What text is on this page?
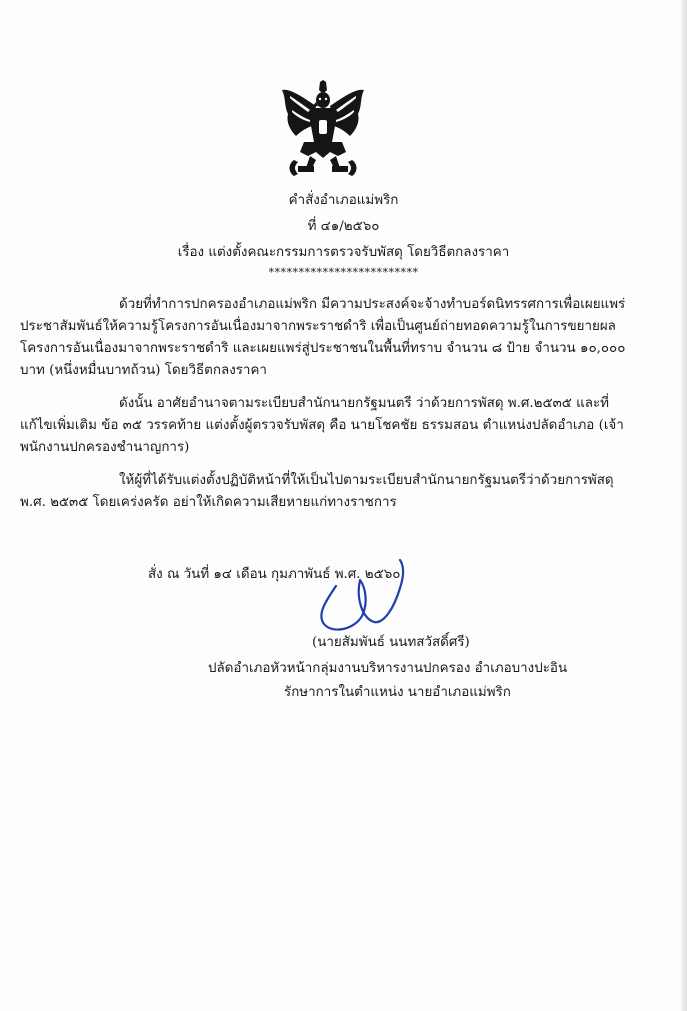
คำสั่งอำเภอแม่พริก
ที่ ๔๑/๒๕๖๐
เรื่อง แต่งตั้งคณะกรรมการตรวจรับพัสดุ โดยวิธีตกลงราคา
*************************

ด้วยที่ทำการปกครองอำเภอแม่พริก มีความประสงค์จะจ้างทำบอร์ดนิทรรศการเพื่อเผยแพร่ประชาสัมพันธ์ให้ความรู้โครงการอันเนื่องมาจากพระราชดำริ เพื่อเป็นศูนย์ถ่ายทอดความรู้ในการขยายผลโครงการอันเนื่องมาจากพระราชดำริ และเผยแพร่สู่ประชาชนในพื้นที่ทราบ จำนวน ๘ ป้าย จำนวน ๑๐,๐๐๐ บาท (หนึ่งหมื่นบาทถ้วน) โดยวิธีตกลงราคา

ดังนั้น อาศัยอำนาจตามระเบียบสำนักนายกรัฐมนตรี ว่าด้วยการพัสดุ พ.ศ.๒๕๓๕ และที่แก้ไขเพิ่มเติม ข้อ ๓๕ วรรคท้าย แต่งตั้งผู้ตรวจรับพัสดุ คือ นายโชคชัย ธรรมสอน ตำแหน่งปลัดอำเภอ (เจ้าพนักงานปกครองชำนาญการ)

ให้ผู้ที่ได้รับแต่งตั้งปฏิบัติหน้าที่ให้เป็นไปตามระเบียบสำนักนายกรัฐมนตรีว่าด้วยการพัสดุ พ.ศ. ๒๕๓๕ โดยเคร่งครัด อย่าให้เกิดความเสียหายแก่ทางราชการ

สั่ง ณ วันที่ ๑๔ เดือน กุมภาพันธ์ พ.ศ. ๒๕๖๐
(นายสัมพันธ์ นนทสวัสดิ์ศรี)
ปลัดอำเภอหัวหน้ากลุ่มงานบริหารงานปกครอง อำเภอบางปะอิน
รักษาการในตำแหน่ง นายอำเภอแม่พริก
